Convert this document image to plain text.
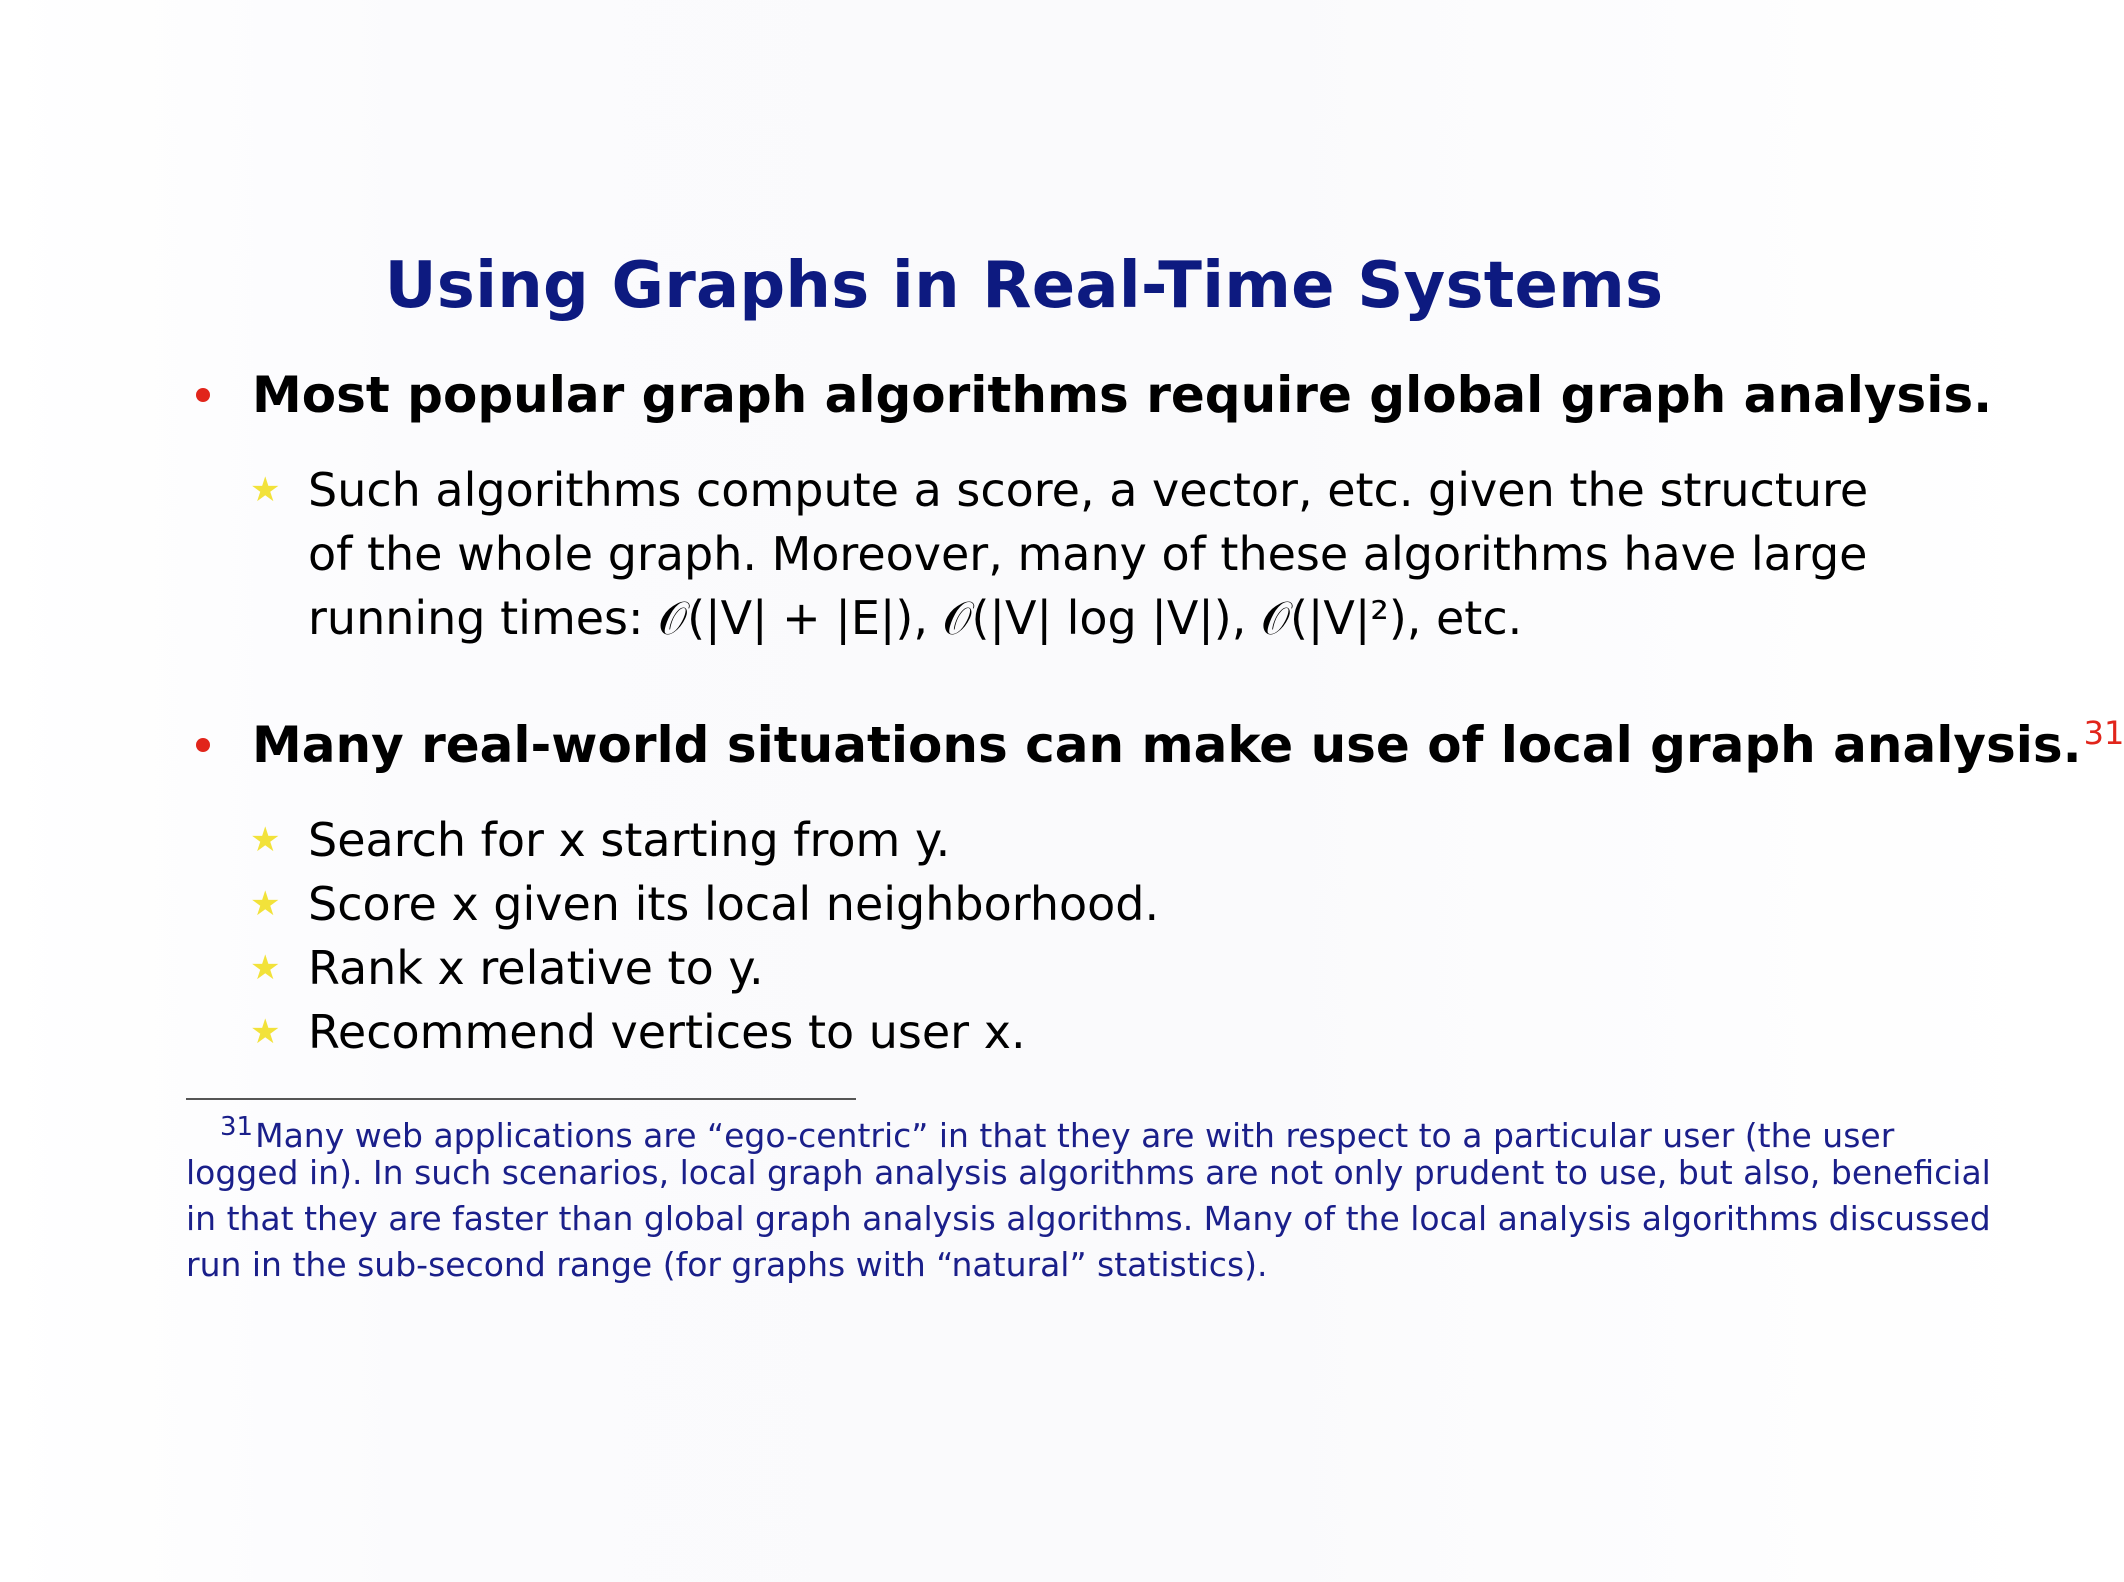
Using Graphs in Real-Time Systems
Most popular graph algorithms require global graph analysis.
★ Such algorithms compute a score, a vector, etc. given the structure
of the whole graph. Moreover, many of these algorithms have large
running times: 𝒪(|V| + |E|), 𝒪(|V| log |V|), 𝒪(|V|²), etc.
Many real-world situations can make use of local graph analysis.$^{31}$
★ Search for x starting from y.
★ Score x given its local neighborhood.
★ Rank x relative to y.
★ Recommend vertices to user x.
$^{31}$Many web applications are “ego-centric” in that they are with respect to a particular user (the user
logged in). In such scenarios, local graph analysis algorithms are not only prudent to use, but also, beneficial
in that they are faster than global graph analysis algorithms. Many of the local analysis algorithms discussed
run in the sub-second range (for graphs with “natural” statistics).
